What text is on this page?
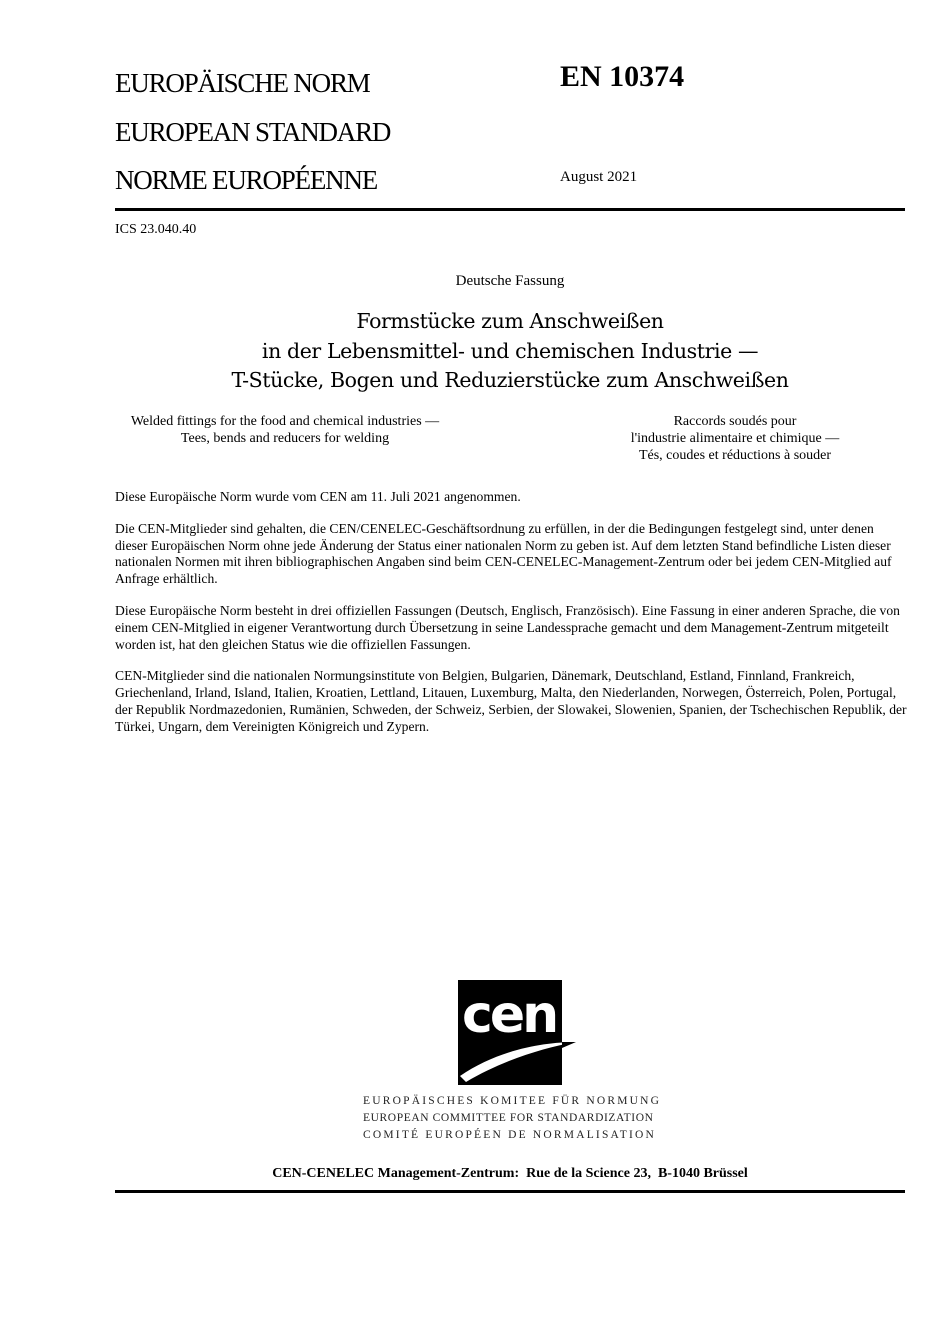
EUROPÄISCHE NORM
EUROPEAN STANDARD
NORME EUROPÉENNE
EN 10374
August 2021
ICS 23.040.40
Deutsche Fassung
Formstücke zum Anschweißen
in der Lebensmittel- und chemischen Industrie —
T-Stücke, Bogen und Reduzierstücke zum Anschweißen
Welded fittings for the food and chemical industries —
Tees, bends and reducers for welding
Raccords soudés pour
l'industrie alimentaire et chimique —
Tés, coudes et réductions à souder

Diese Europäische Norm wurde vom CEN am 11. Juli 2021 angenommen.

Die CEN-Mitglieder sind gehalten, die CEN/CENELEC-Geschäftsordnung zu erfüllen, in der die Bedingungen festgelegt sind, unter denen dieser Europäischen Norm ohne jede Änderung der Status einer nationalen Norm zu geben ist. Auf dem letzten Stand befindliche Listen dieser nationalen Normen mit ihren bibliographischen Angaben sind beim CEN-CENELEC-Management-Zentrum oder bei jedem CEN-Mitglied auf Anfrage erhältlich.

Diese Europäische Norm besteht in drei offiziellen Fassungen (Deutsch, Englisch, Französisch). Eine Fassung in einer anderen Sprache, die von einem CEN-Mitglied in eigener Verantwortung durch Übersetzung in seine Landessprache gemacht und dem Management-Zentrum mitgeteilt worden ist, hat den gleichen Status wie die offiziellen Fassungen.

CEN-Mitglieder sind die nationalen Normungsinstitute von Belgien, Bulgarien, Dänemark, Deutschland, Estland, Finnland, Frankreich, Griechenland, Irland, Island, Italien, Kroatien, Lettland, Litauen, Luxemburg, Malta, den Niederlanden, Norwegen, Österreich, Polen, Portugal, der Republik Nordmazedonien, Rumänien, Schweden, der Schweiz, Serbien, der Slowakei, Slowenien, Spanien, der Tschechischen Republik, der Türkei, Ungarn, dem Vereinigten Königreich und Zypern.

cen
EUROPÄISCHES KOMITEE FÜR NORMUNG
EUROPEAN COMMITTEE FOR STANDARDIZATION
COMITÉ EUROPÉEN DE NORMALISATION
CEN-CENELEC Management-Zentrum:  Rue de la Science 23,  B-1040 Brüssel
